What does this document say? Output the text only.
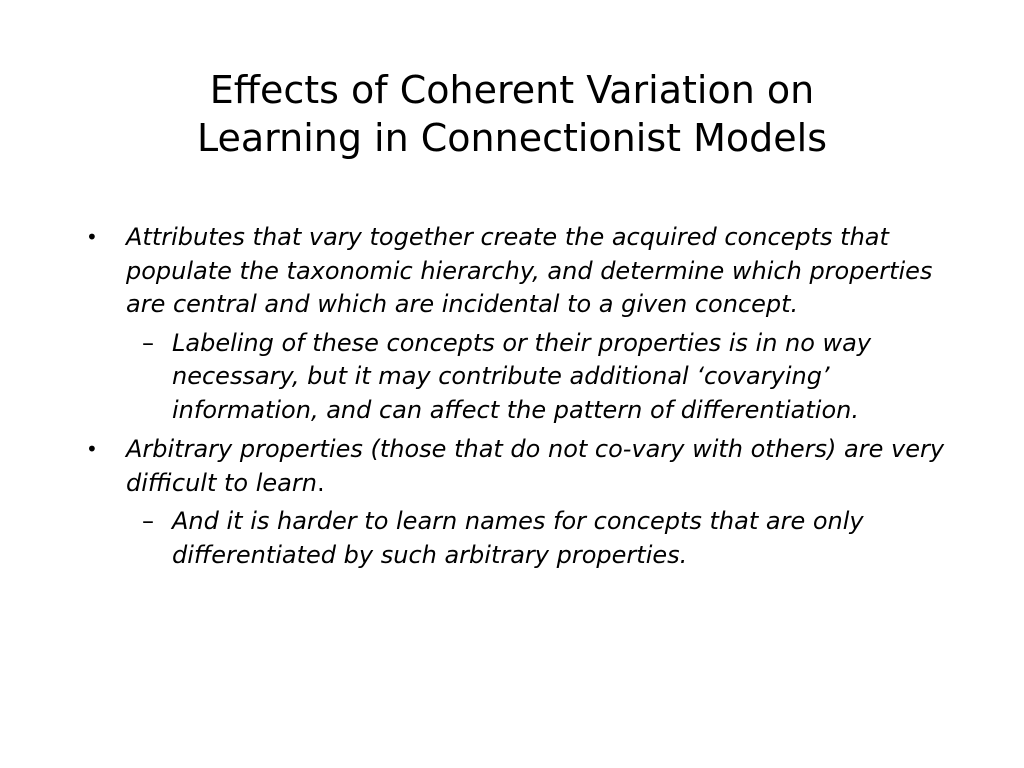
Effects of Coherent Variation on
Learning in Connectionist Models
• Attributes that vary together create the acquired concepts that populate the taxonomic hierarchy, and determine which properties are central and which are incidental to a given concept.
– Labeling of these concepts or their properties is in no way necessary, but it may contribute additional ‘covarying’ information, and can affect the pattern of differentiation.
• Arbitrary properties (those that do not co-vary with others) are very difficult to learn.
– And it is harder to learn names for concepts that are only differentiated by such arbitrary properties.
